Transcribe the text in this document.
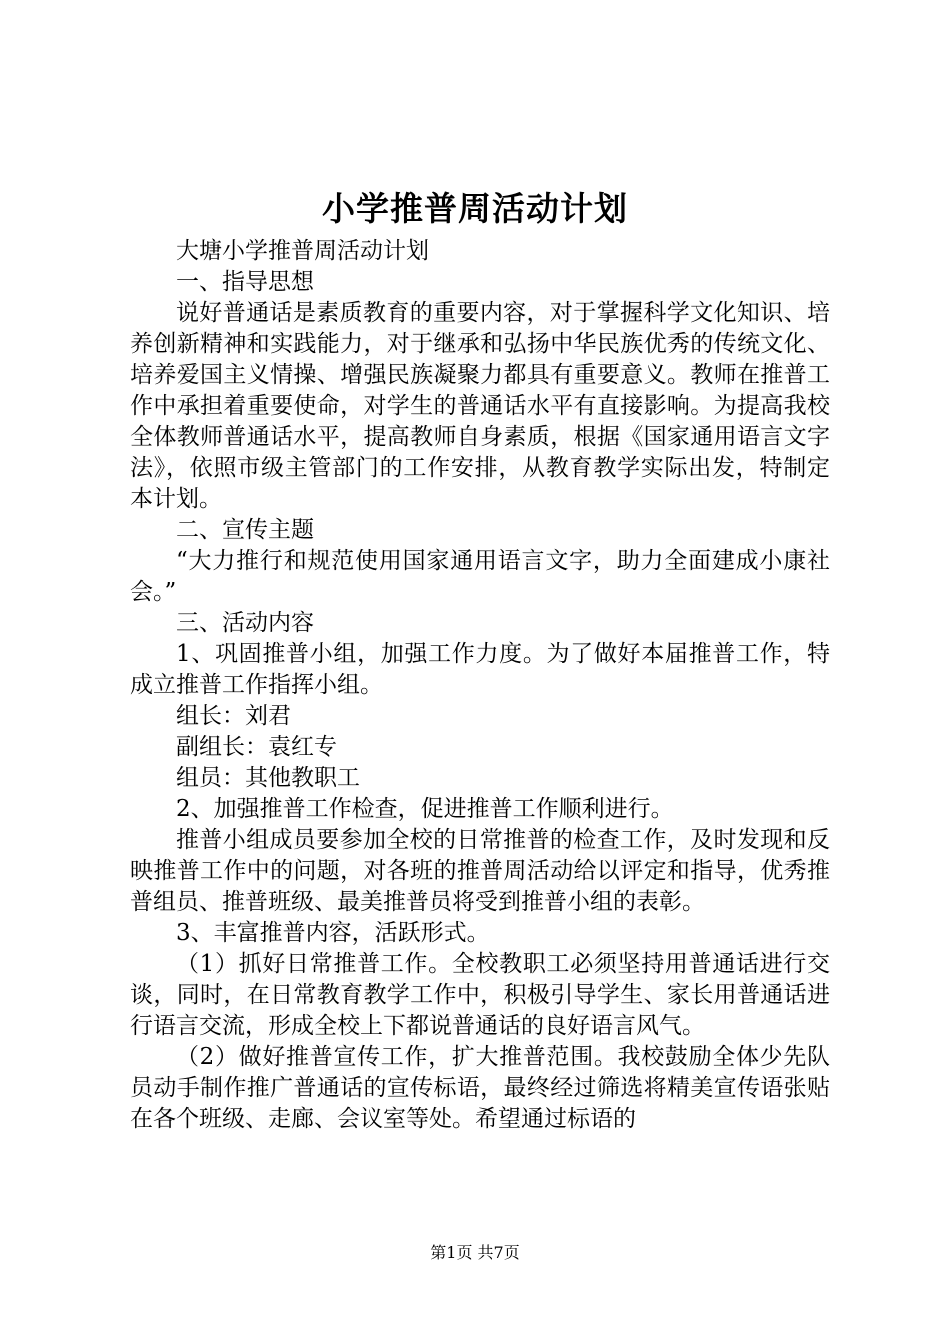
小学推普周活动计划

大塘小学推普周活动计划

一、指导思想

说好普通话是素质教育的重要内容，对于掌握科学文化知识、培养创新精神和实践能力，对于继承和弘扬中华民族优秀的传统文化、培养爱国主义情操、增强民族凝聚力都具有重要意义。教师在推普工作中承担着重要使命，对学生的普通话水平有直接影响。为提高我校全体教师普通话水平，提高教师自身素质，根据《国家通用语言文字法》，依照市级主管部门的工作安排，从教育教学实际出发，特制定本计划。

二、宣传主题

“大力推行和规范使用国家通用语言文字，助力全面建成小康社会。”

三、活动内容

1、巩固推普小组，加强工作力度。为了做好本届推普工作，特成立推普工作指挥小组。

组长：刘君

副组长：袁红专

组员：其他教职工

2、加强推普工作检查，促进推普工作顺利进行。

推普小组成员要参加全校的日常推普的检查工作，及时发现和反映推普工作中的问题，对各班的推普周活动给以评定和指导，优秀推普组员、推普班级、最美推普员将受到推普小组的表彰。

3、丰富推普内容，活跃形式。

（1）抓好日常推普工作。全校教职工必须坚持用普通话进行交谈，同时，在日常教育教学工作中，积极引导学生、家长用普通话进行语言交流，形成全校上下都说普通话的良好语言风气。

（2）做好推普宣传工作，扩大推普范围。我校鼓励全体少先队员动手制作推广普通话的宣传标语，最终经过筛选将精美宣传语张贴在各个班级、走廊、会议室等处。希望通过标语的

第1页 共7页
